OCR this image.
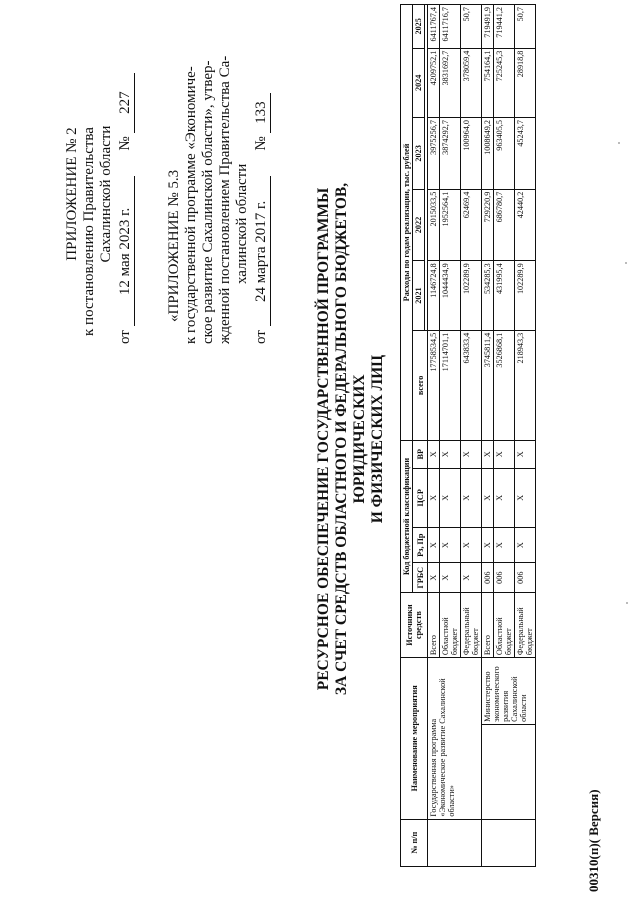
ПРИЛОЖЕНИЕ № 2 к постановлению Правительства Сахалинской области
от 12 мая 2023 г. № 227
«ПРИЛОЖЕНИЕ № 5.3 к государственной программе «Экономиче- ское развитие Сахалинской области», утвер- жденной постановлением Правительства Са- халинской области
от 24 марта 2017 г. № 133
РЕСУРСНОЕ ОБЕСПЕЧЕНИЕ ГОСУДАРСТВЕННОЙ ПРОГРАММЫ ЗА СЧЕТ СРЕДСТВ ОБЛАСТНОГО И ФЕДЕРАЛЬНОГО БЮДЖЕТОВ, ЮРИДИЧЕСКИХ И ФИЗИЧЕСКИХ ЛИЦ
№ п/п	Наименование мероприятия		Источники средств	Код бюджетной классификации				Расходы по годам реализации, тыс. рублей					
				ГРБС	Рз, Пр	ЦСР	ВР	всего	2021	2022	2023	2024	2025

	Государственная программа «Экономическое развитие Сахалинской области»		Всего	Х	Х	Х	Х	17758534,5	1146724,8	2015033,5	3975256,7	4209752,1	6411767,4
			Областной бюджет	Х	Х	Х	Х	17114701,1	1044434,9	1952564,1	3874292,7	3831692,7	6411716,7
			Федеральный бюджет	Х	Х	Х	Х	643833,4	102289,9	62469,4	100964,0	378059,4	50,7
		Министерство экономического развития Сахалинской области	Всего	006	Х	Х	Х	3745811,4	534285,3	729220,9	1008649,2	754164,1	719491,9
			Областной бюджет	006	Х	Х	Х	3526868,1	431995,4	686780,7	963405,5	725245,3	719441,2
			Федеральный бюджет	006	Х	Х	Х	218943,3	102289,9	42440,2	45243,7	28918,8	50,7
00310(п)( Версия)
